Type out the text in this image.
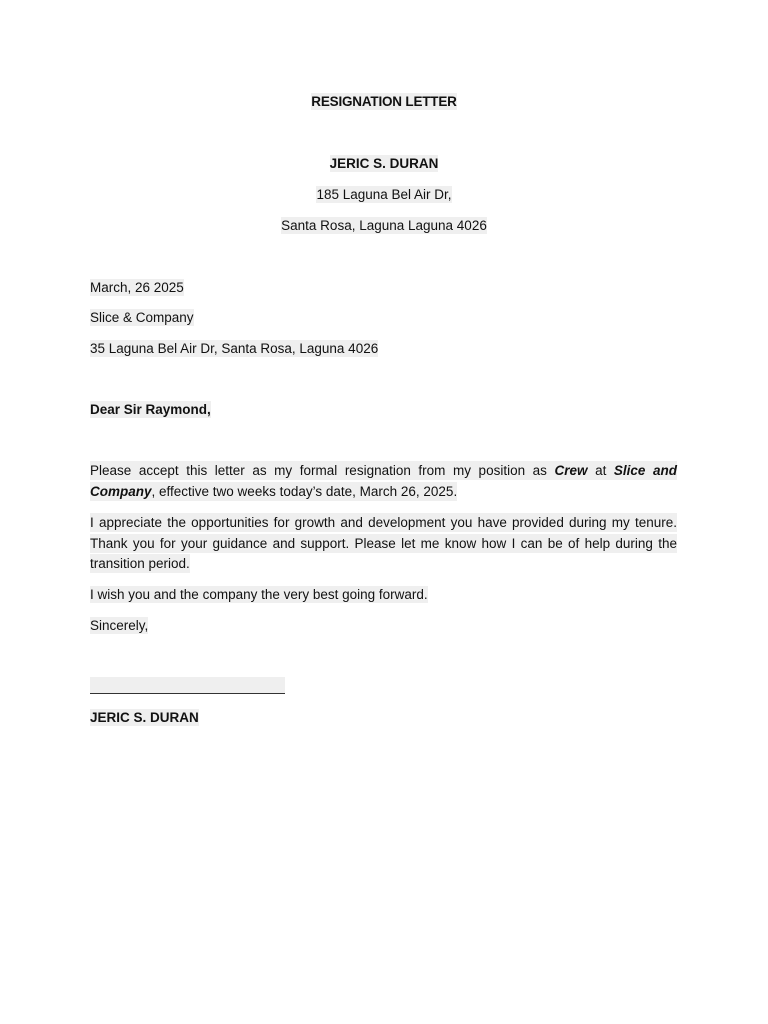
RESIGNATION LETTER
JERIC S. DURAN
185 Laguna Bel Air Dr,
Santa Rosa, Laguna Laguna 4026
March, 26 2025
Slice & Company
35 Laguna Bel Air Dr, Santa Rosa, Laguna 4026
Dear Sir Raymond,
Please accept this letter as my formal resignation from my position as Crew at Slice and Company, effective two weeks today’s date, March 26, 2025.
I appreciate the opportunities for growth and development you have provided during my tenure. Thank you for your guidance and support. Please let me know how I can be of help during the transition period.
I wish you and the company the very best going forward.
Sincerely,
JERIC S. DURAN
